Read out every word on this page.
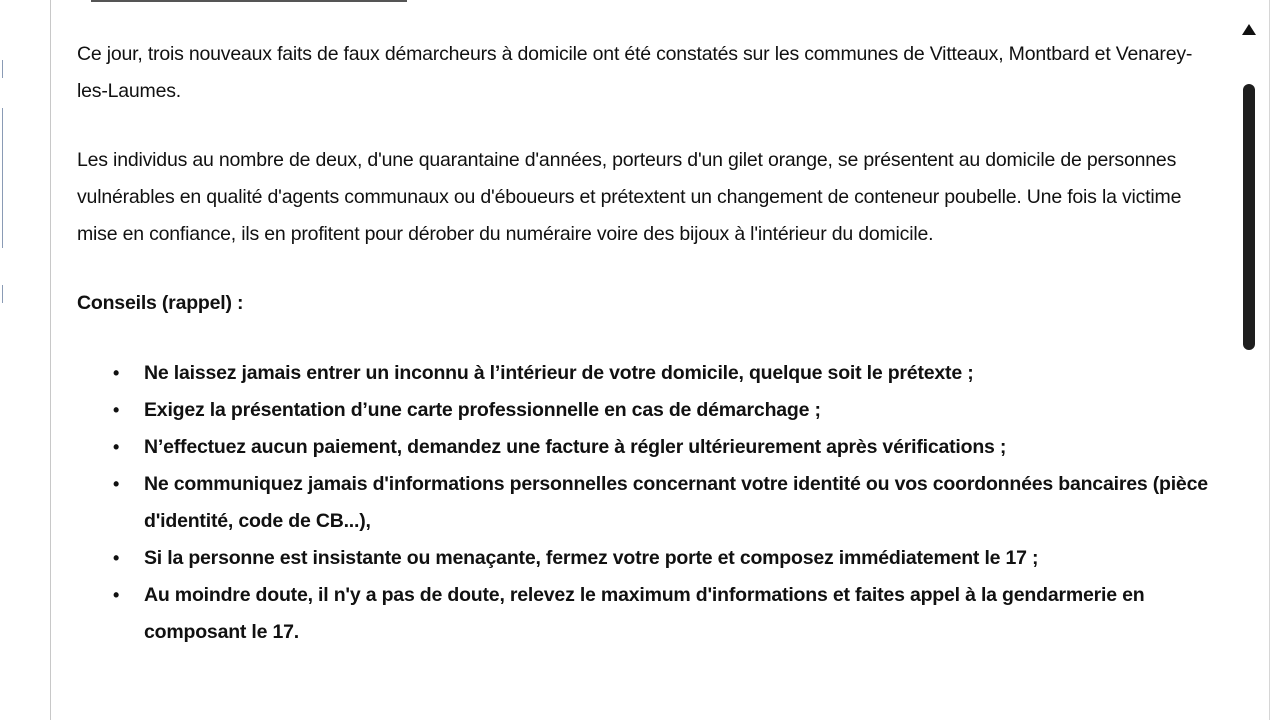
Ce jour, trois nouveaux faits de faux démarcheurs à domicile ont été constatés sur les communes de Vitteaux, Montbard et Venarey-les-Laumes.

Les individus au nombre de deux, d'une quarantaine d'années, porteurs d'un gilet orange, se présentent au domicile de personnes vulnérables en qualité d'agents communaux ou d'éboueurs et prétextent un changement de conteneur poubelle. Une fois la victime mise en confiance, ils en profitent pour dérober du numéraire voire des bijoux à l'intérieur du domicile.

Conseils (rappel) :

• Ne laissez jamais entrer un inconnu à l’intérieur de votre domicile, quelque soit le prétexte ;
• Exigez la présentation d’une carte professionnelle en cas de démarchage ;
• N’effectuez aucun paiement, demandez une facture à régler ultérieurement après vérifications ;
• Ne communiquez jamais d'informations personnelles concernant votre identité ou vos coordonnées bancaires (pièce d'identité, code de CB...),
• Si la personne est insistante ou menaçante, fermez votre porte et composez immédiatement le 17 ;
• Au moindre doute, il n'y a pas de doute, relevez le maximum d'informations et faites appel à la gendarmerie en composant le 17.
